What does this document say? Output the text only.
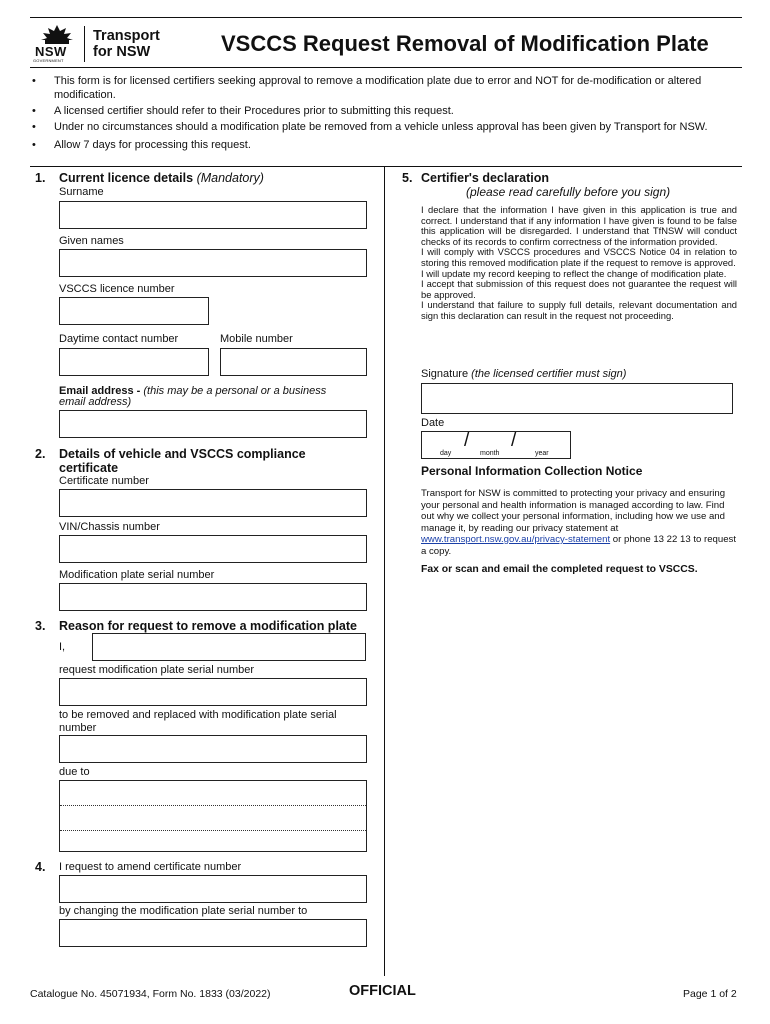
NSW
GOVERNMENT
Transport
for NSW	VSCCS Request Removal of Modification Plate
• This form is for licensed certifiers seeking approval to remove a modification plate due to error and NOT for de-modification or altered modification.
• A licensed certifier should refer to their Procedures prior to submitting this request.
• Under no circumstances should a modification plate be removed from a vehicle unless approval has been given by Transport for NSW.
• Allow 7 days for processing this request.
1. Current licence details (Mandatory)
Surname
Given names
VSCCS licence number
Daytime contact number	Mobile number
Email address - (this may be a personal or a business
email address)
2. Details of vehicle and VSCCS compliance
certificate
Certificate number
VIN/Chassis number
Modification plate serial number
3. Reason for request to remove a modification plate
I,
request modification plate serial number
to be removed and replaced with modification plate serial
number
due to
4. I request to amend certificate number
by changing the modification plate serial number to
5. Certifier's declaration
(please read carefully before you sign)

I declare that the information I have given in this application is true and correct. I understand that if any information I have given is found to be false this application will be disregarded. I understand that TfNSW will conduct checks of its records to confirm correctness of the information provided.

I will comply with VSCCS procedures and VSCCS Notice 04 in relation to storing this removed modification plate if the request to remove is approved.

I will update my record keeping to reflect the change of modification plate.

I accept that submission of this request does not guarantee the request will be approved.

I understand that failure to supply full details, relevant documentation and sign this declaration can result in the request not proceeding.

Signature (the licensed certifier must sign)
Date
/ /
day	month	year
Personal Information Collection Notice
Transport for NSW is committed to protecting your privacy and ensuring your personal and health information is managed according to law. Find out why we collect your personal information, including how we use and manage it, by reading our privacy statement at www.transport.nsw.gov.au/privacy-statement or phone 13 22 13 to request a copy.
Fax or scan and email the completed request to VSCCS.
Catalogue No. 45071934, Form No. 1833 (03/2022)	OFFICIAL	Page 1 of 2
